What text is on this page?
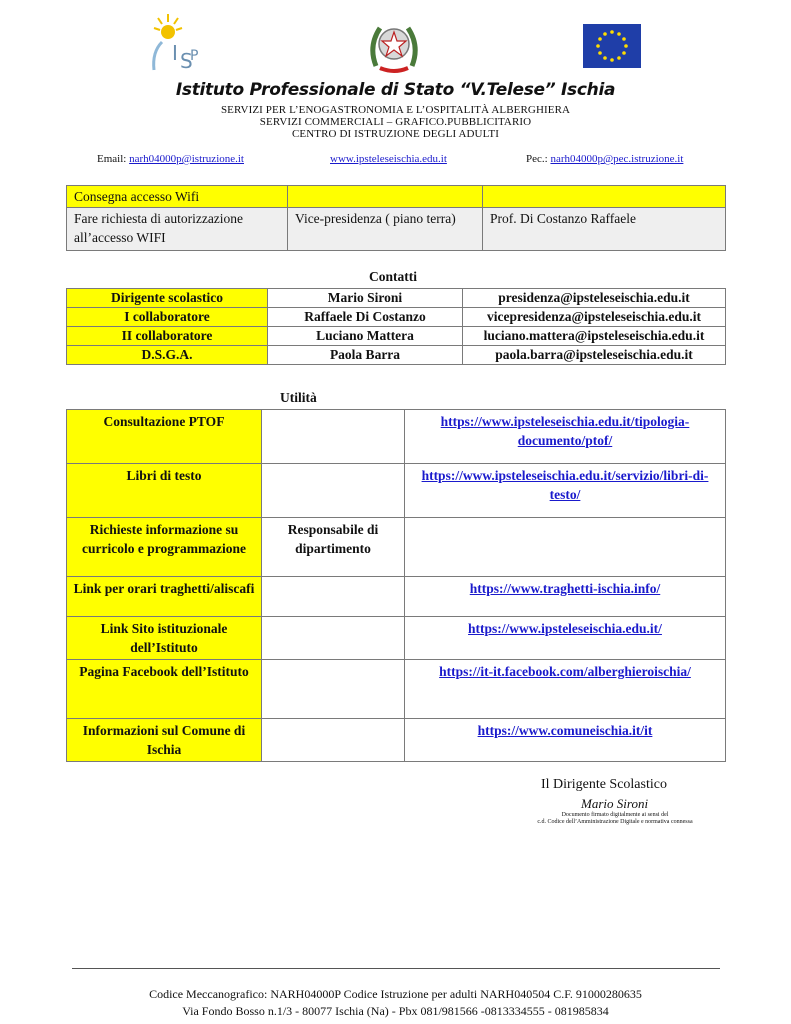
I S
P
Istituto Professionale di Stato “V.Telese” Ischia
SERVIZI PER L’ENOGASTRONOMIA E L’OSPITALITÀ ALBERGHIERA
SERVIZI COMMERCIALI – GRAFICO.PUBBLICITARIO
CENTRO DI ISTRUZIONE DEGLI ADULTI
Email: narh04000p@istruzione.it	www.ipsteleseischia.edu.it	Pec.: narh04000p@pec.istruzione.it
Consegna accesso Wifi		
Fare richiesta di autorizzazione all’accesso WIFI	Vice-presidenza ( piano terra)	Prof. Di Costanzo Raffaele
Contatti
Dirigente scolastico	Mario Sironi	presidenza@ipsteleseischia.edu.it
I collaboratore	Raffaele Di Costanzo	vicepresidenza@ipsteleseischia.edu.it
II collaboratore	Luciano Mattera	luciano.mattera@ipsteleseischia.edu.it
D.S.G.A.	Paola Barra	paola.barra@ipsteleseischia.edu.it
Utilità
Consultazione PTOF		https://www.ipsteleseischia.edu.it/tipologia-documento/ptof/
Libri di testo		https://www.ipsteleseischia.edu.it/servizio/libri-di-testo/
Richieste informazione su curricolo e programmazione	Responsabile di dipartimento	
Link per orari traghetti/aliscafi		https://www.traghetti-ischia.info/
Link Sito istituzionale dell’Istituto		https://www.ipsteleseischia.edu.it/
Pagina Facebook dell’Istituto		https://it-it.facebook.com/alberghieroischia/
Informazioni sul Comune di Ischia		https://www.comuneischia.it/it
Il Dirigente Scolastico
Mario Sironi
Documento firmato digitalmente ai sensi del
c.d. Codice dell’Amministrazione Digitale e normativa connessa
Codice Meccanografico: NARH04000P Codice Istruzione per adulti NARH040504 C.F. 91000280635
Via Fondo Bosso n.1/3 - 80077 Ischia (Na) - Pbx 081/981566 -0813334555 - 081985834
